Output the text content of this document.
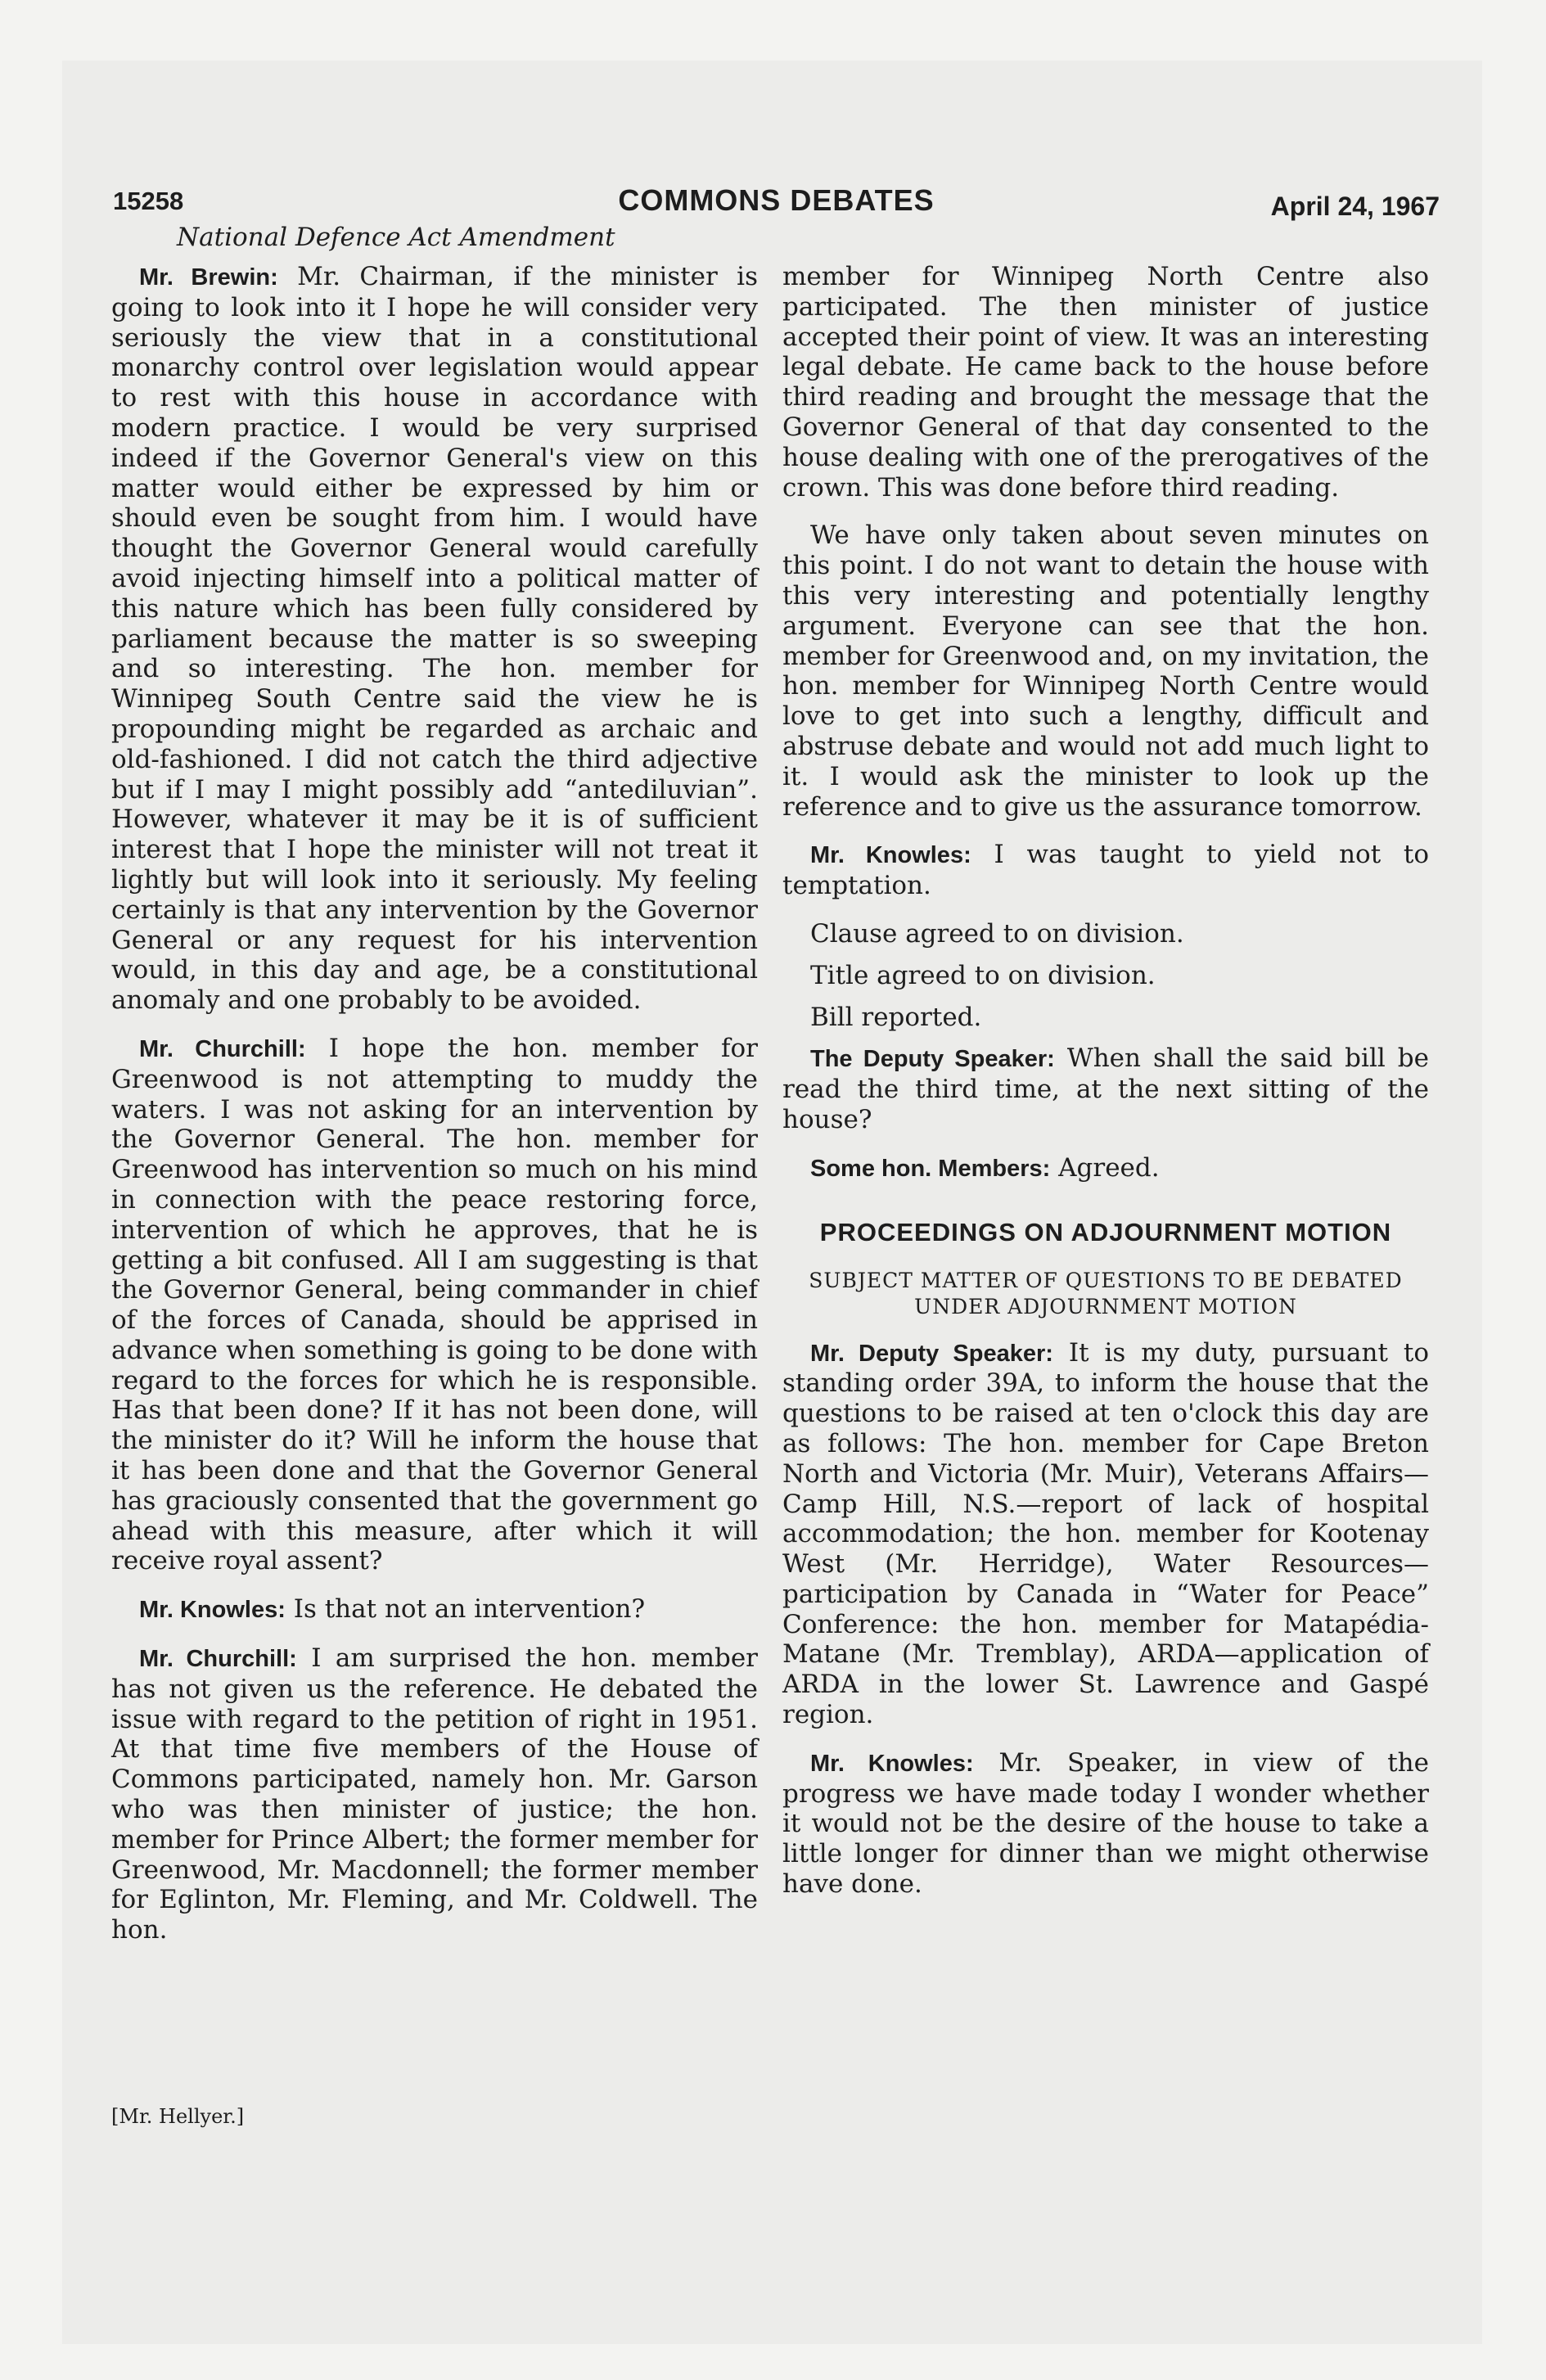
15258	COMMONS DEBATES	April 24, 1967
National Defence Act Amendment

Mr. Brewin: Mr. Chairman, if the minister is going to look into it I hope he will consider very seriously the view that in a constitutional monarchy control over legislation would appear to rest with this house in accordance with modern practice. I would be very surprised indeed if the Governor General's view on this matter would either be expressed by him or should even be sought from him. I would have thought the Governor General would carefully avoid injecting himself into a political matter of this nature which has been fully considered by parliament because the matter is so sweeping and so interesting. The hon. member for Winnipeg South Centre said the view he is propounding might be regarded as archaic and old-fashioned. I did not catch the third adjective but if I may I might possibly add “antediluvian”. However, whatever it may be it is of sufficient interest that I hope the minister will not treat it lightly but will look into it seriously. My feeling certainly is that any intervention by the Governor General or any request for his intervention would, in this day and age, be a constitutional anomaly and one probably to be avoided.

Mr. Churchill: I hope the hon. member for Greenwood is not attempting to muddy the waters. I was not asking for an intervention by the Governor General. The hon. member for Greenwood has intervention so much on his mind in connection with the peace restoring force, intervention of which he approves, that he is getting a bit confused. All I am suggesting is that the Governor General, being commander in chief of the forces of Canada, should be apprised in advance when something is going to be done with regard to the forces for which he is responsible. Has that been done? If it has not been done, will the minister do it? Will he inform the house that it has been done and that the Governor General has graciously consented that the government go ahead with this measure, after which it will receive royal assent?

Mr. Knowles: Is that not an intervention?

Mr. Churchill: I am surprised the hon. member has not given us the reference. He debated the issue with regard to the petition of right in 1951. At that time five members of the House of Commons participated, namely hon. Mr. Garson who was then minister of justice; the hon. member for Prince Albert; the former member for Greenwood, Mr. Macdonnell; the former member for Eglinton, Mr. Fleming, and Mr. Coldwell. The hon.

[Mr. Hellyer.]

member for Winnipeg North Centre also participated. The then minister of justice accepted their point of view. It was an interesting legal debate. He came back to the house before third reading and brought the message that the Governor General of that day consented to the house dealing with one of the prerogatives of the crown. This was done before third reading.

We have only taken about seven minutes on this point. I do not want to detain the house with this very interesting and potentially lengthy argument. Everyone can see that the hon. member for Greenwood and, on my invitation, the hon. member for Winnipeg North Centre would love to get into such a lengthy, difficult and abstruse debate and would not add much light to it. I would ask the minister to look up the reference and to give us the assurance tomorrow.

Mr. Knowles: I was taught to yield not to temptation.

Clause agreed to on division.

Title agreed to on division.

Bill reported.

The Deputy Speaker: When shall the said bill be read the third time, at the next sitting of the house?

Some hon. Members: Agreed.

PROCEEDINGS ON ADJOURNMENT MOTION
SUBJECT MATTER OF QUESTIONS TO BE DEBATED UNDER ADJOURNMENT MOTION

Mr. Deputy Speaker: It is my duty, pursuant to standing order 39A, to inform the house that the questions to be raised at ten o'clock this day are as follows: The hon. member for Cape Breton North and Victoria (Mr. Muir), Veterans Affairs—Camp Hill, N.S.—report of lack of hospital accommodation; the hon. member for Kootenay West (Mr. Herridge), Water Resources—participation by Canada in “Water for Peace” Conference: the hon. member for Matapédia-Matane (Mr. Tremblay), ARDA—application of ARDA in the lower St. Lawrence and Gaspé region.

Mr. Knowles: Mr. Speaker, in view of the progress we have made today I wonder whether it would not be the desire of the house to take a little longer for dinner than we might otherwise have done.
